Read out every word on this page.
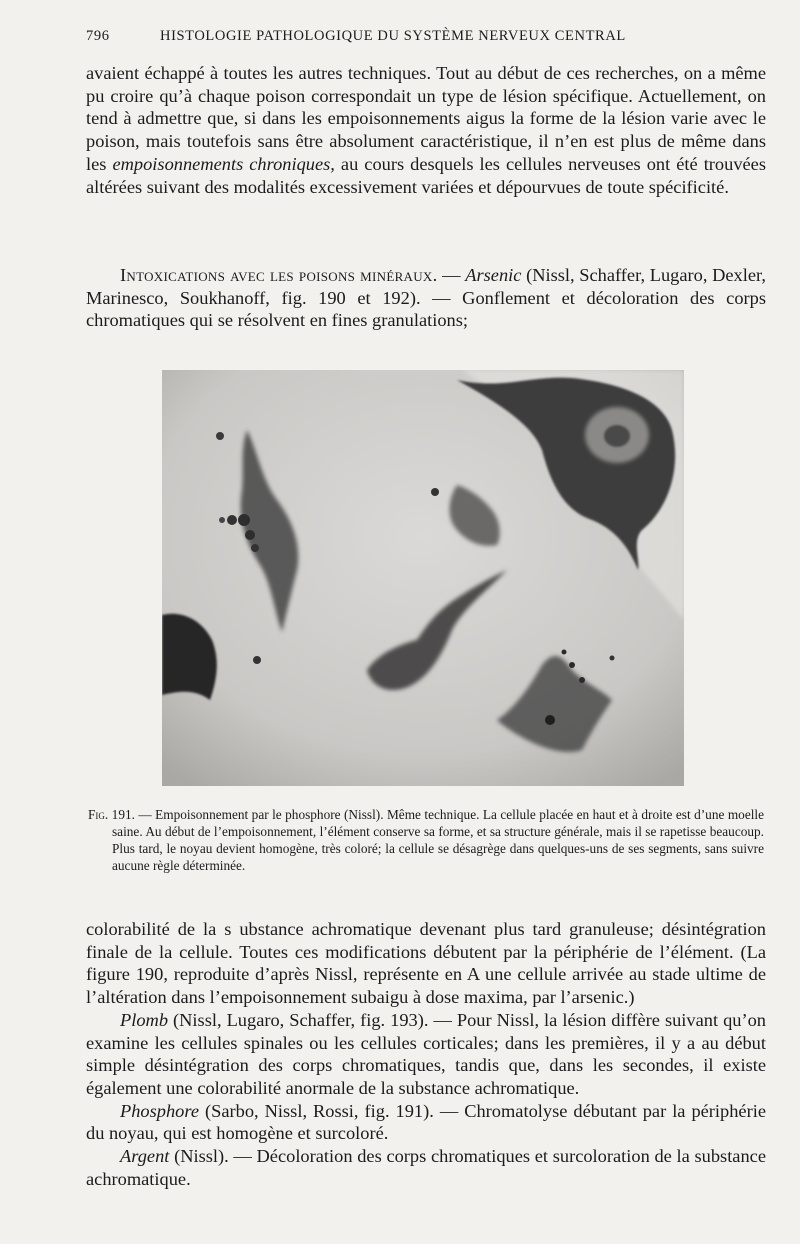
796	HISTOLOGIE PATHOLOGIQUE DU SYSTÈME NERVEUX CENTRAL

avaient échappé à toutes les autres techniques. Tout au début de ces recherches, on a même pu croire qu’à chaque poison correspondait un type de lésion spécifique. Actuellement, on tend à admettre que, si dans les empoisonnements aigus la forme de la lésion varie avec le poison, mais toutefois sans être absolument caractéristique, il n’en est plus de même dans les empoisonnements chroniques, au cours desquels les cellules nerveuses ont été trouvées altérées suivant des modalités excessivement variées et dépourvues de toute spécificité.

Intoxications avec les poisons minéraux. — Arsenic (Nissl, Schaffer, Lugaro, Dexler, Marinesco, Soukhanoff, fig. 190 et 192). — Gonflement et décoloration des corps chromatiques qui se résolvent en fines granulations;

Fig. 191. — Empoisonnement par le phosphore (Nissl). Même technique. La cellule placée en haut et à droite est d’une moelle saine. Au début de l’empoisonnement, l’élément conserve sa forme, et sa structure générale, mais il se rapetisse beaucoup. Plus tard, le noyau devient homogène, très coloré; la cellule se désagrège dans quelques-uns de ses segments, sans suivre aucune règle déterminée.

colorabilité de la s ubstance achromatique devenant plus tard granuleuse; désintégration finale de la cellule. Toutes ces modifications débutent par la périphérie de l’élément. (La figure 190, reproduite d’après Nissl, représente en A une cellule arrivée au stade ultime de l’altération dans l’empoisonnement subaigu à dose maxima, par l’arsenic.)

Plomb (Nissl, Lugaro, Schaffer, fig. 193). — Pour Nissl, la lésion diffère suivant qu’on examine les cellules spinales ou les cellules corticales; dans les premières, il y a au début simple désintégration des corps chromatiques, tandis que, dans les secondes, il existe également une colorabilité anormale de la substance achromatique.

Phosphore (Sarbo, Nissl, Rossi, fig. 191). — Chromatolyse débutant par la périphérie du noyau, qui est homogène et surcoloré.

Argent (Nissl). — Décoloration des corps chromatiques et surcoloration de la substance achromatique.
